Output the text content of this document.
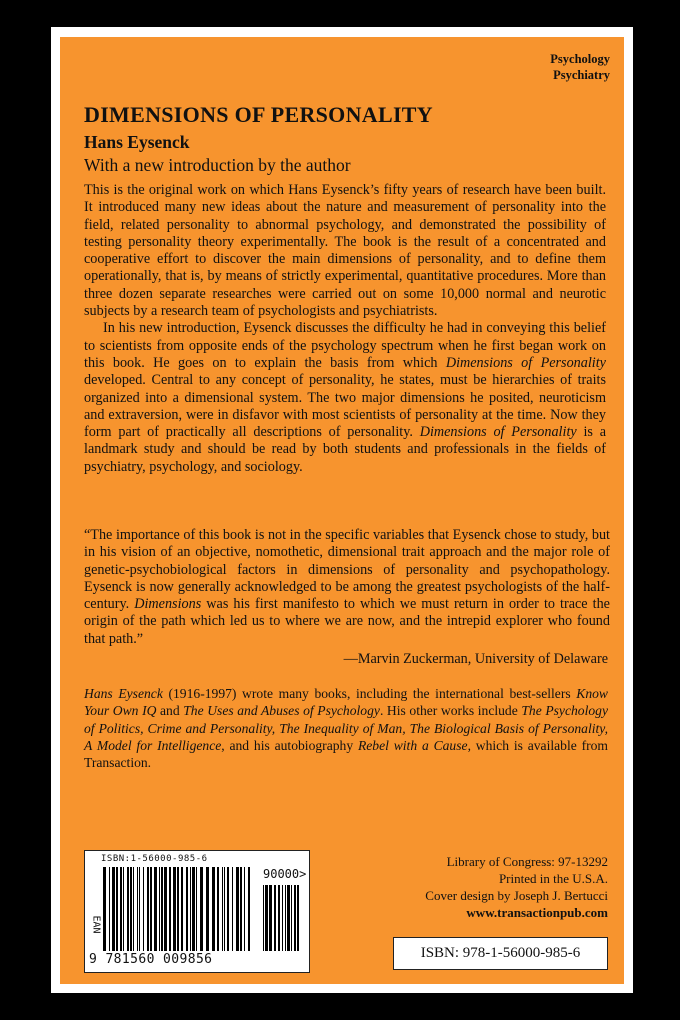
Psychology
Psychiatry
DIMENSIONS OF PERSONALITY
Hans Eysenck
With a new introduction by the author

This is the original work on which Hans Eysenck’s fifty years of research have been built. It introduced many new ideas about the nature and measurement of personality into the field, related personality to abnormal psychology, and demonstrated the possibility of testing personality theory experimentally. The book is the result of a concentrated and cooperative effort to discover the main dimensions of personality, and to define them operationally, that is, by means of strictly experimental, quantitative procedures. More than three dozen separate researches were carried out on some 10,000 normal and neurotic subjects by a research team of psychologists and psychiatrists.

In his new introduction, Eysenck discusses the difficulty he had in conveying this belief to scientists from opposite ends of the psychology spectrum when he first began work on this book. He goes on to explain the basis from which Dimensions of Personality developed. Central to any concept of personality, he states, must be hierarchies of traits organized into a dimensional system. The two major dimensions he posited, neuroticism and extraversion, were in disfavor with most scientists of personality at the time. Now they form part of practically all descriptions of personality. Dimensions of Personality is a landmark study and should be read by both students and professionals in the fields of psychiatry, psychology, and sociology.

“The importance of this book is not in the specific variables that Eysenck chose to study, but in his vision of an objective, nomothetic, dimensional trait approach and the major role of genetic-psychobiological factors in dimensions of personality and psychopathology. Eysenck is now generally acknowledged to be among the greatest psychologists of the half-century. Dimensions was his first manifesto to which we must return in order to trace the origin of the path which led us to where we are now, and the intrepid explorer who found that path.”
—Marvin Zuckerman, University of Delaware
Hans Eysenck (1916-1997) wrote many books, including the international best-sellers Know Your Own IQ and The Uses and Abuses of Psychology. His other works include The Psychology of Politics, Crime and Personality, The Inequality of Man, The Biological Basis of Personality, A Model for Intelligence, and his autobiography Rebel with a Cause, which is available from Transaction.
ISBN:1-56000-985-6
EAN
90000>
9 781560 009856
Library of Congress: 97-13292
Printed in the U.S.A.
Cover design by Joseph J. Bertucci
www.transactionpub.com
ISBN: 978-1-56000-985-6
